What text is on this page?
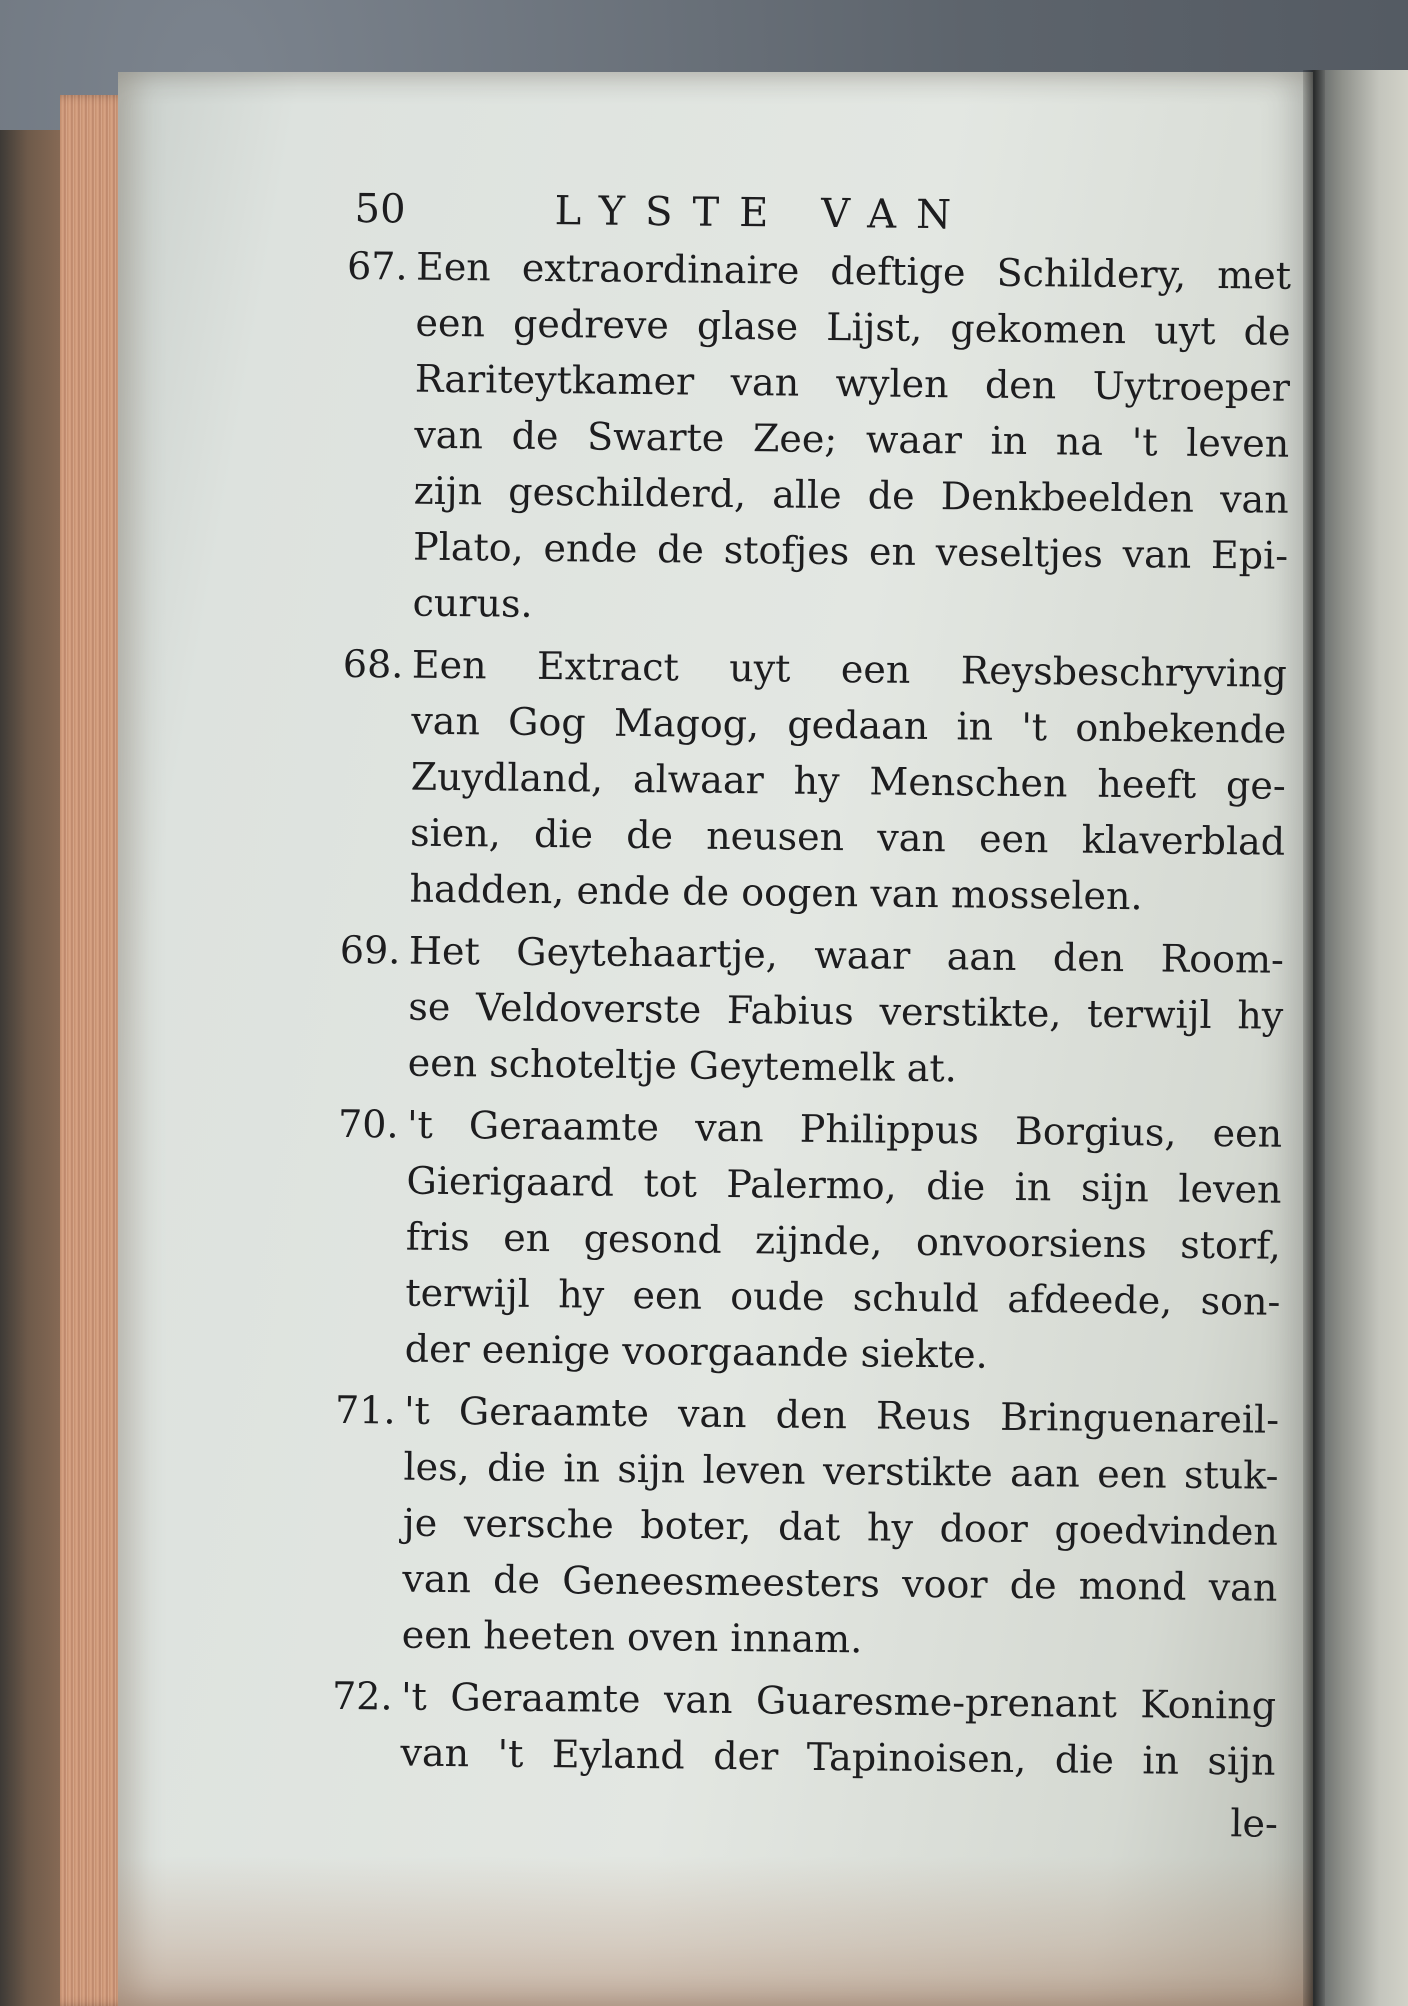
50	LYSTE VAN
67. Een extraordinaire deftige Schildery, met
een gedreve glase Lijst, gekomen uyt de
Rariteytkamer van wylen den Uytroeper
van de Swarte Zee; waar in na 't leven
zijn geschilderd, alle de Denkbeelden van
Plato, ende de stofjes en veseltjes van Epi-
curus.
68. Een Extract uyt een Reysbeschryving
van Gog Magog, gedaan in 't onbekende
Zuydland, alwaar hy Menschen heeft ge-
sien, die de neusen van een klaverblad
hadden, ende de oogen van mosselen.
69. Het Geytehaartje, waar aan den Room-
se Veldoverste Fabius verstikte, terwijl hy
een schoteltje Geytemelk at.
70. 't Geraamte van Philippus Borgius, een
Gierigaard tot Palermo, die in sijn leven
fris en gesond zijnde, onvoorsiens storf,
terwijl hy een oude schuld afdeede, son-
der eenige voorgaande siekte.
71. 't Geraamte van den Reus Bringuenareil-
les, die in sijn leven verstikte aan een stuk-
je versche boter, dat hy door goedvinden
van de Geneesmeesters voor de mond van
een heeten oven innam.
72. 't Geraamte van Guaresme-prenant Koning
van 't Eyland der Tapinoisen, die in sijn
le-
